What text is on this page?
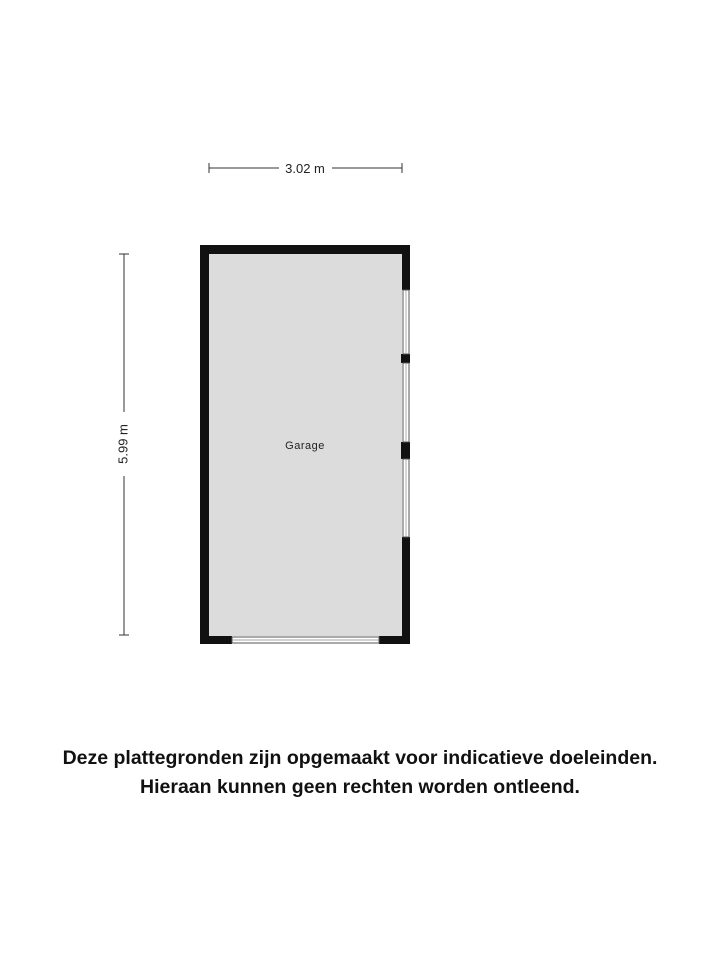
3.02 m
5.99 m	Garage
Deze plattegronden zijn opgemaakt voor indicatieve doeleinden.
Hieraan kunnen geen rechten worden ontleend.
